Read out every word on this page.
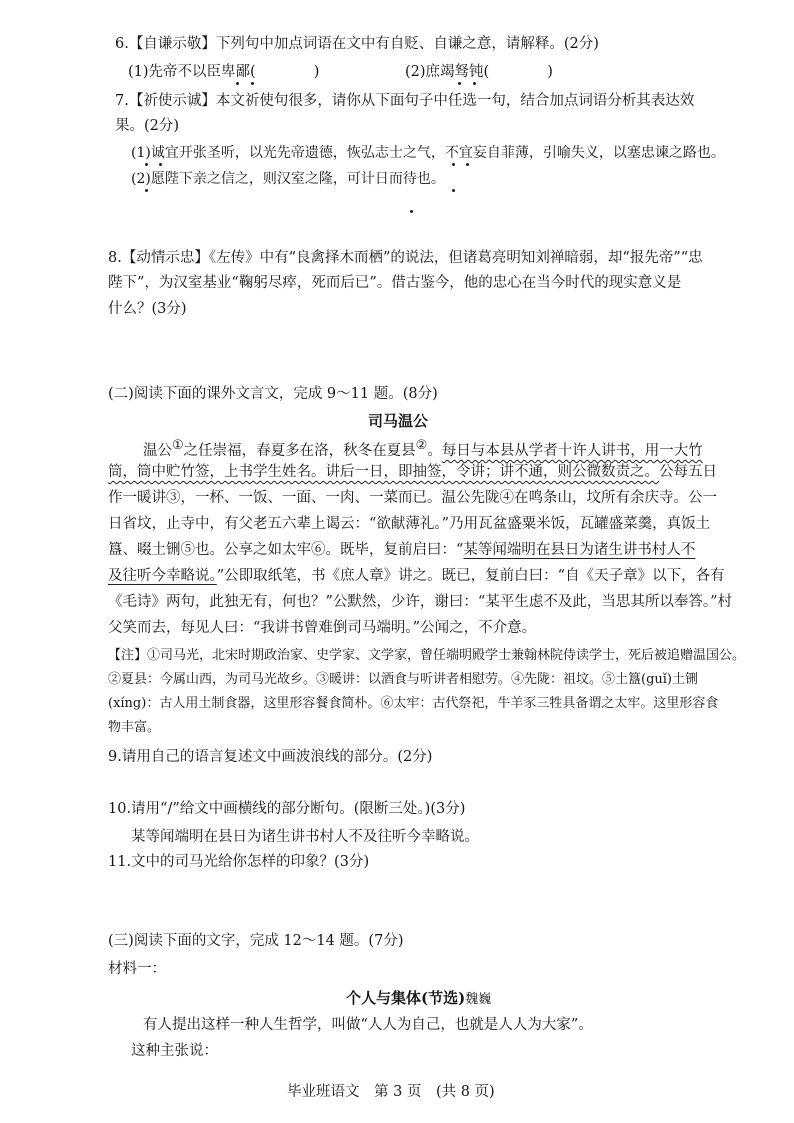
6.【自谦示敬】下列句中加点词语在文中有自贬、自谦之意，请解释。(2分)
(1)先帝不以臣卑鄙(　　　　)	(2)庶竭驽钝(　　　　)
7.【祈使示诚】本文祈使句很多，请你从下面句子中任选一句，结合加点词语分析其表达效
果。(2分)
(1)诚宜开张圣听，以光先帝遗德，恢弘志士之气，不宜妄自菲薄，引喻失义，以塞忠谏之路也。
(2)愿陛下亲之信之，则汉室之隆，可计日而待也。
8.【动情示忠】《左传》中有“良禽择木而栖”的说法，但诸葛亮明知刘禅暗弱，却“报先帝”“忠
陛下”，为汉室基业“鞠躬尽瘁，死而后已”。借古鉴今，他的忠心在当今时代的现实意义是
什么？(3分)
(二)阅读下面的课外文言文，完成 9～11 题。(8分)
司马温公
温公①之任崇福，春夏多在洛，秋冬在夏县②。每日与本县从学者十许人讲书，用一大竹
筒，筒中贮竹签，上书学生姓名。讲后一日，即抽签，令讲；讲不通，则公微数责之。公每五日
作一暖讲③，一杯、一饭、一面、一肉、一菜而已。温公先陇④在鸣条山，坟所有余庆寺。公一
日省坟，止寺中，有父老五六辈上谒云：“欲献薄礼。”乃用瓦盆盛粟米饭，瓦罐盛菜羹，真饭土
簋、啜土铏⑤也。公享之如太牢⑥。既毕，复前启曰：“某等闻端明在县日为诸生讲书村人不
及往听今幸略说。”公即取纸笔，书《庶人章》讲之。既已，复前白曰：“自《天子章》以下，各有
《毛诗》两句，此独无有，何也？”公默然，少许，谢曰：“某平生虑不及此，当思其所以奉答。”村
父笑而去，每见人曰：“我讲书曾难倒司马端明。”公闻之，不介意。
【注】①司马光，北宋时期政治家、史学家、文学家，曾任端明殿学士兼翰林院侍读学士，死后被追赠温国公。
②夏县：今属山西，为司马光故乡。③暖讲：以酒食与听讲者相慰劳。④先陇：祖坟。⑤土簋(guǐ)土铏
(xíng)：古人用土制食器，这里形容餐食简朴。⑥太牢：古代祭祀，牛羊豕三牲具备谓之太牢。这里形容食
物丰富。
9.请用自己的语言复述文中画波浪线的部分。(2分)
10.请用“/”给文中画横线的部分断句。(限断三处。)(3分)
某等闻端明在县日为诸生讲书村人不及往听今幸略说。
11.文中的司马光给你怎样的印象？(3分)
(三)阅读下面的文字，完成 12～14 题。(7分)
材料一：
个人与集体(节选)魏巍
有人提出这样一种人生哲学，叫做“人人为自己，也就是人人为大家”。
这种主张说：
毕业班语文　第 3 页　(共 8 页)
